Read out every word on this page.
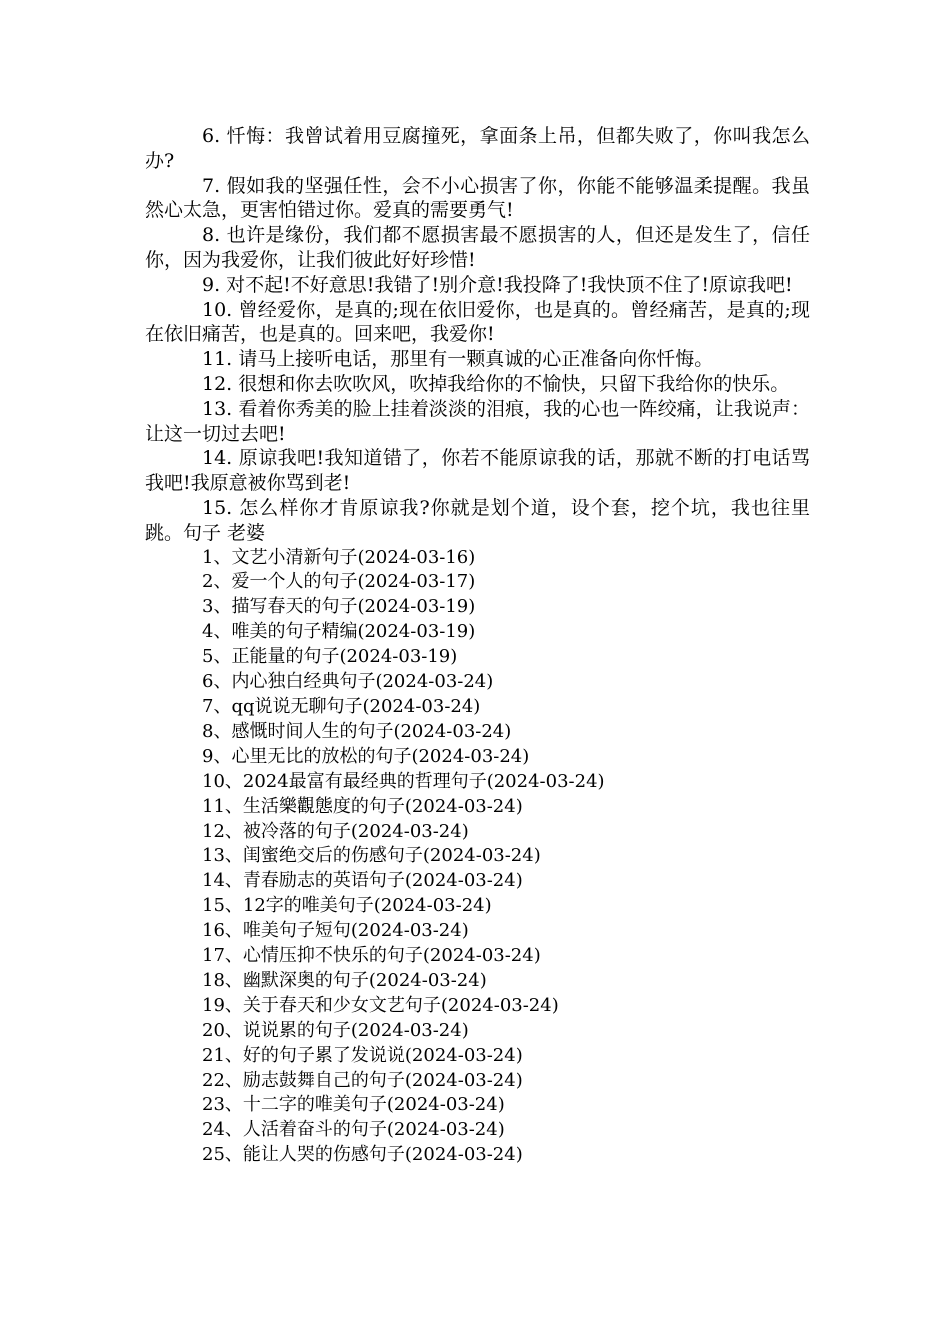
6. 忏悔：我曾试着用豆腐撞死，拿面条上吊，但都失败了，你叫我怎么办?

7. 假如我的坚强任性，会不小心损害了你，你能不能够温柔提醒。我虽然心太急，更害怕错过你。爱真的需要勇气!

8. 也许是缘份，我们都不愿损害最不愿损害的人，但还是发生了，信任你，因为我爱你，让我们彼此好好珍惜!

9. 对不起!不好意思!我错了!别介意!我投降了!我快顶不住了!原谅我吧!

10. 曾经爱你，是真的;现在依旧爱你，也是真的。曾经痛苦，是真的;现在依旧痛苦，也是真的。回来吧，我爱你!

11. 请马上接听电话，那里有一颗真诚的心正准备向你忏悔。

12. 很想和你去吹吹风，吹掉我给你的不愉快，只留下我给你的快乐。

13. 看着你秀美的脸上挂着淡淡的泪痕，我的心也一阵绞痛，让我说声：让这一切过去吧!

14. 原谅我吧!我知道错了，你若不能原谅我的话，那就不断的打电话骂我吧!我原意被你骂到老!

15. 怎么样你才肯原谅我?你就是划个道，设个套，挖个坑，我也往里跳。句子 老婆

1、文艺小清新句子(2024-03-16)
2、爱一个人的句子(2024-03-17)
3、描写春天的句子(2024-03-19)
4、唯美的句子精编(2024-03-19)
5、正能量的句子(2024-03-19)
6、内心独白经典句子(2024-03-24)
7、qq说说无聊句子(2024-03-24)
8、感慨时间人生的句子(2024-03-24)
9、心里无比的放松的句子(2024-03-24)
10、2024最富有最经典的哲理句子(2024-03-24)
11、生活樂觀態度的句子(2024-03-24)
12、被冷落的句子(2024-03-24)
13、闺蜜绝交后的伤感句子(2024-03-24)
14、青春励志的英语句子(2024-03-24)
15、12字的唯美句子(2024-03-24)
16、唯美句子短句(2024-03-24)
17、心情压抑不快乐的句子(2024-03-24)
18、幽默深奥的句子(2024-03-24)
19、关于春天和少女文艺句子(2024-03-24)
20、说说累的句子(2024-03-24)
21、好的句子累了发说说(2024-03-24)
22、励志鼓舞自己的句子(2024-03-24)
23、十二字的唯美句子(2024-03-24)
24、人活着奋斗的句子(2024-03-24)
25、能让人哭的伤感句子(2024-03-24)
